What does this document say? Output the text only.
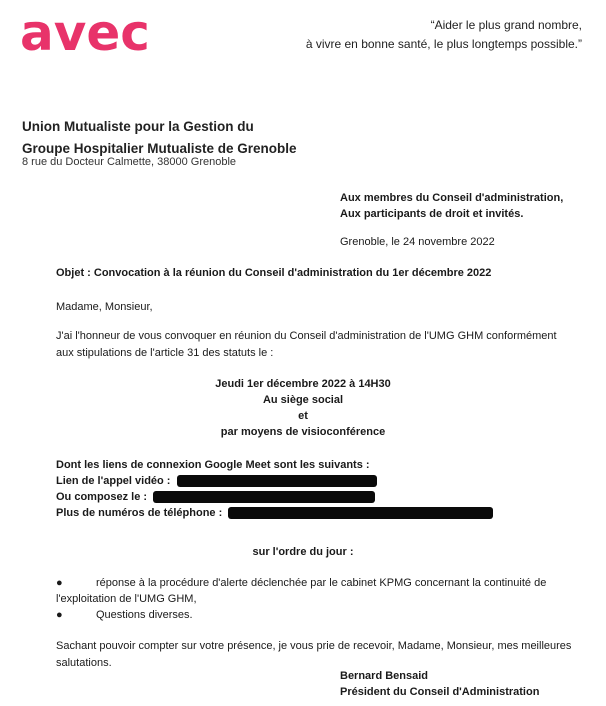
avec	“Aider le plus grand nombre,
à vivre en bonne santé, le plus longtemps possible.”
Union Mutualiste pour la Gestion du
Groupe Hospitalier Mutualiste de Grenoble
8 rue du Docteur Calmette, 38000 Grenoble
Aux membres du Conseil d'administration,
Aux participants de droit et invités.
Grenoble, le 24 novembre 2022
Objet : Convocation à la réunion du Conseil d'administration du 1er décembre 2022
Madame, Monsieur,
J'ai l'honneur de vous convoquer en réunion du Conseil d'administration de l'UMG GHM conformément
aux stipulations de l'article 31 des statuts le :
Jeudi 1er décembre 2022 à 14H30
Au siège social
et
par moyens de visioconférence
Dont les liens de connexion Google Meet sont les suivants :
Lien de l'appel vidéo :
Ou composez le :
Plus de numéros de téléphone :
sur l'ordre du jour :
●	réponse à la procédure d'alerte déclenchée par le cabinet KPMG concernant la continuité de
l'exploitation de l'UMG GHM,
●	Questions diverses.
Sachant pouvoir compter sur votre présence, je vous prie de recevoir, Madame, Monsieur, mes meilleures
salutations.
Bernard Bensaid
Président du Conseil d'Administration
